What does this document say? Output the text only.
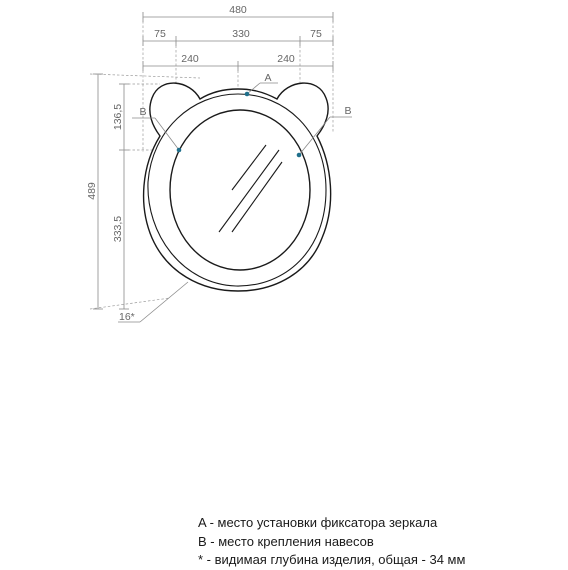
480
75	330	75
240	240
489
136,5
333,5
16*
A
B	B
A - место установки фиксатора зеркала
B - место крепления навесов
* - видимая глубина изделия, общая - 34 мм
